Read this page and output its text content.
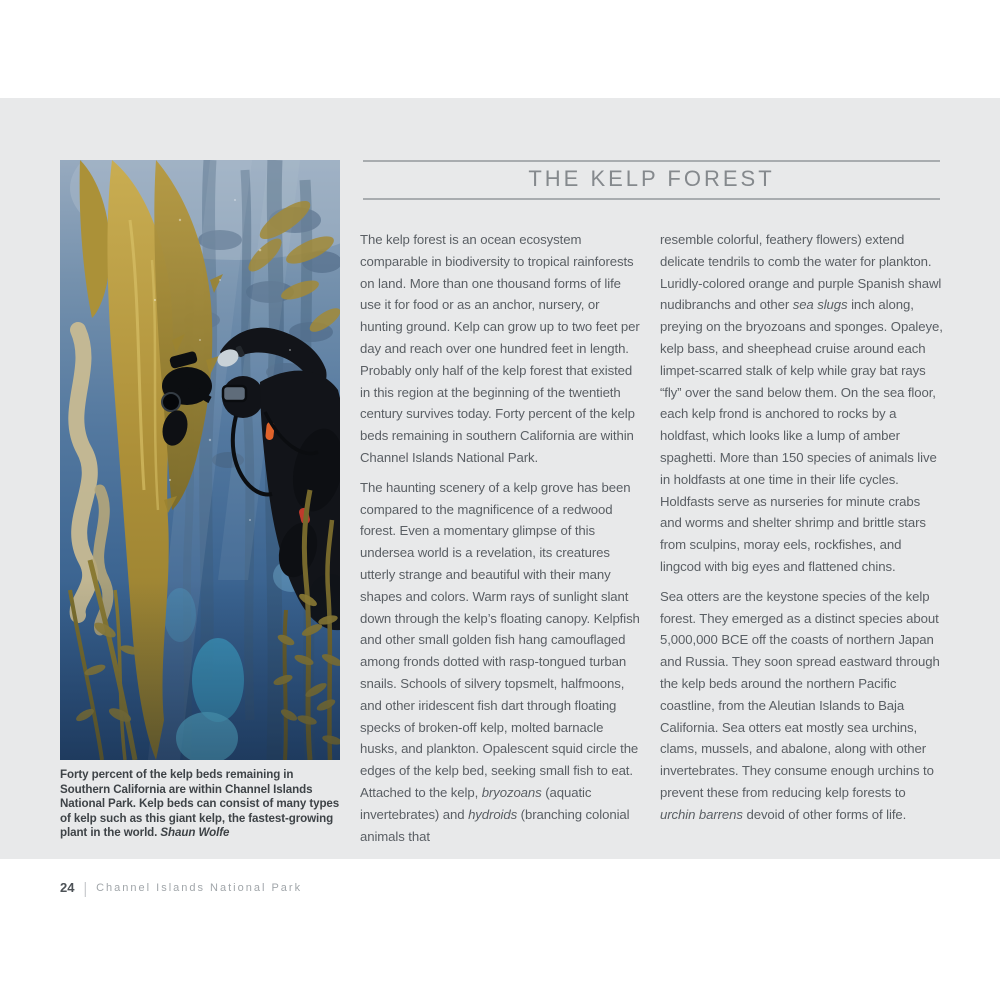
Forty percent of the kelp beds remaining in Southern California are within Channel Islands National Park. Kelp beds can consist of many types of kelp such as this giant kelp, the fastest-growing plant in the world. Shaun Wolfe

THE KELP FOREST

The kelp forest is an ocean ecosystem comparable in biodiversity to tropical rainforests on land. More than one thousand forms of life use it for food or as an anchor, nursery, or hunting ground. Kelp can grow up to two feet per day and reach over one hundred feet in length. Probably only half of the kelp forest that existed in this region at the beginning of the twentieth century survives today. Forty percent of the kelp beds remaining in southern California are within Channel Islands National Park.

The haunting scenery of a kelp grove has been compared to the magnificence of a redwood forest. Even a momentary glimpse of this undersea world is a revelation, its creatures utterly strange and beautiful with their many shapes and colors. Warm rays of sunlight slant down through the kelp’s floating canopy. Kelpfish and other small golden fish hang camouflaged among fronds dotted with rasp-tongued turban snails. Schools of silvery topsmelt, halfmoons, and other iridescent fish dart through floating specks of broken-off kelp, molted barnacle husks, and plankton. Opalescent squid circle the edges of the kelp bed, seeking small fish to eat. Attached to the kelp, bryozoans (aquatic invertebrates) and hydroids (branching colonial animals that

resemble colorful, feathery flowers) extend delicate tendrils to comb the water for plankton. Luridly-colored orange and purple Spanish shawl nudibranchs and other sea slugs inch along, preying on the bryozoans and sponges. Opaleye, kelp bass, and sheephead cruise around each limpet-scarred stalk of kelp while gray bat rays “fly” over the sand below them. On the sea floor, each kelp frond is anchored to rocks by a holdfast, which looks like a lump of amber spaghetti. More than 150 species of animals live in holdfasts at one time in their life cycles. Holdfasts serve as nurseries for minute crabs and worms and shelter shrimp and brittle stars from sculpins, moray eels, rockfishes, and lingcod with big eyes and flattened chins.

Sea otters are the keystone species of the kelp forest. They emerged as a distinct species about 5,000,000 BCE off the coasts of northern Japan and Russia. They soon spread eastward through the kelp beds around the northern Pacific coastline, from the Aleutian Islands to Baja California. Sea otters eat mostly sea urchins, clams, mussels, and abalone, along with other invertebrates. They consume enough urchins to prevent these from reducing kelp forests to urchin barrens devoid of other forms of life.

24 | Channel Islands National Park
